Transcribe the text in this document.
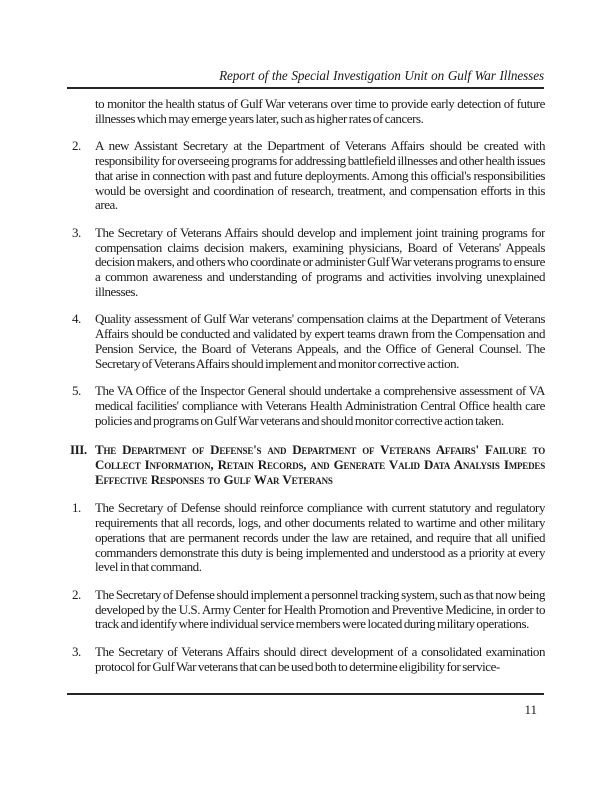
Report of the Special Investigation Unit on Gulf War Illnesses
to monitor the health status of Gulf War veterans over time to provide early detection of future illnesses which may emerge years later, such as higher rates of cancers.
2.	A new Assistant Secretary at the Department of Veterans Affairs should be created with responsibility for overseeing programs for addressing battlefield illnesses and other health issues that arise in connection with past and future deployments. Among this official's responsibilities would be oversight and coordination of research, treatment, and compensation efforts in this area.
3.	The Secretary of Veterans Affairs should develop and implement joint training programs for compensation claims decision makers, examining physicians, Board of Veterans' Appeals decision makers, and others who coordinate or administer Gulf War veterans programs to ensure a common awareness and understanding of programs and activities involving unexplained illnesses.
4.	Quality assessment of Gulf War veterans' compensation claims at the Department of Veterans Affairs should be conducted and validated by expert teams drawn from the Compensation and Pension Service, the Board of Veterans Appeals, and the Office of General Counsel. The Secretary of Veterans Affairs should implement and monitor corrective action.
5.	The VA Office of the Inspector General should undertake a comprehensive assessment of VA medical facilities' compliance with Veterans Health Administration Central Office health care policies and programs on Gulf War veterans and should monitor corrective action taken.
III. The Department of Defense's and Department of Veterans Affairs' Failure to Collect Information, Retain Records, and Generate Valid Data Analysis Impedes Effective Responses to Gulf War Veterans
1.	The Secretary of Defense should reinforce compliance with current statutory and regulatory requirements that all records, logs, and other documents related to wartime and other military operations that are permanent records under the law are retained, and require that all unified commanders demonstrate this duty is being implemented and understood as a priority at every level in that command.
2.	The Secretary of Defense should implement a personnel tracking system, such as that now being developed by the U.S. Army Center for Health Promotion and Preventive Medicine, in order to track and identify where individual service members were located during military operations.
3.	The Secretary of Veterans Affairs should direct development of a consolidated examination protocol for Gulf War veterans that can be used both to determine eligibility for service-
11
